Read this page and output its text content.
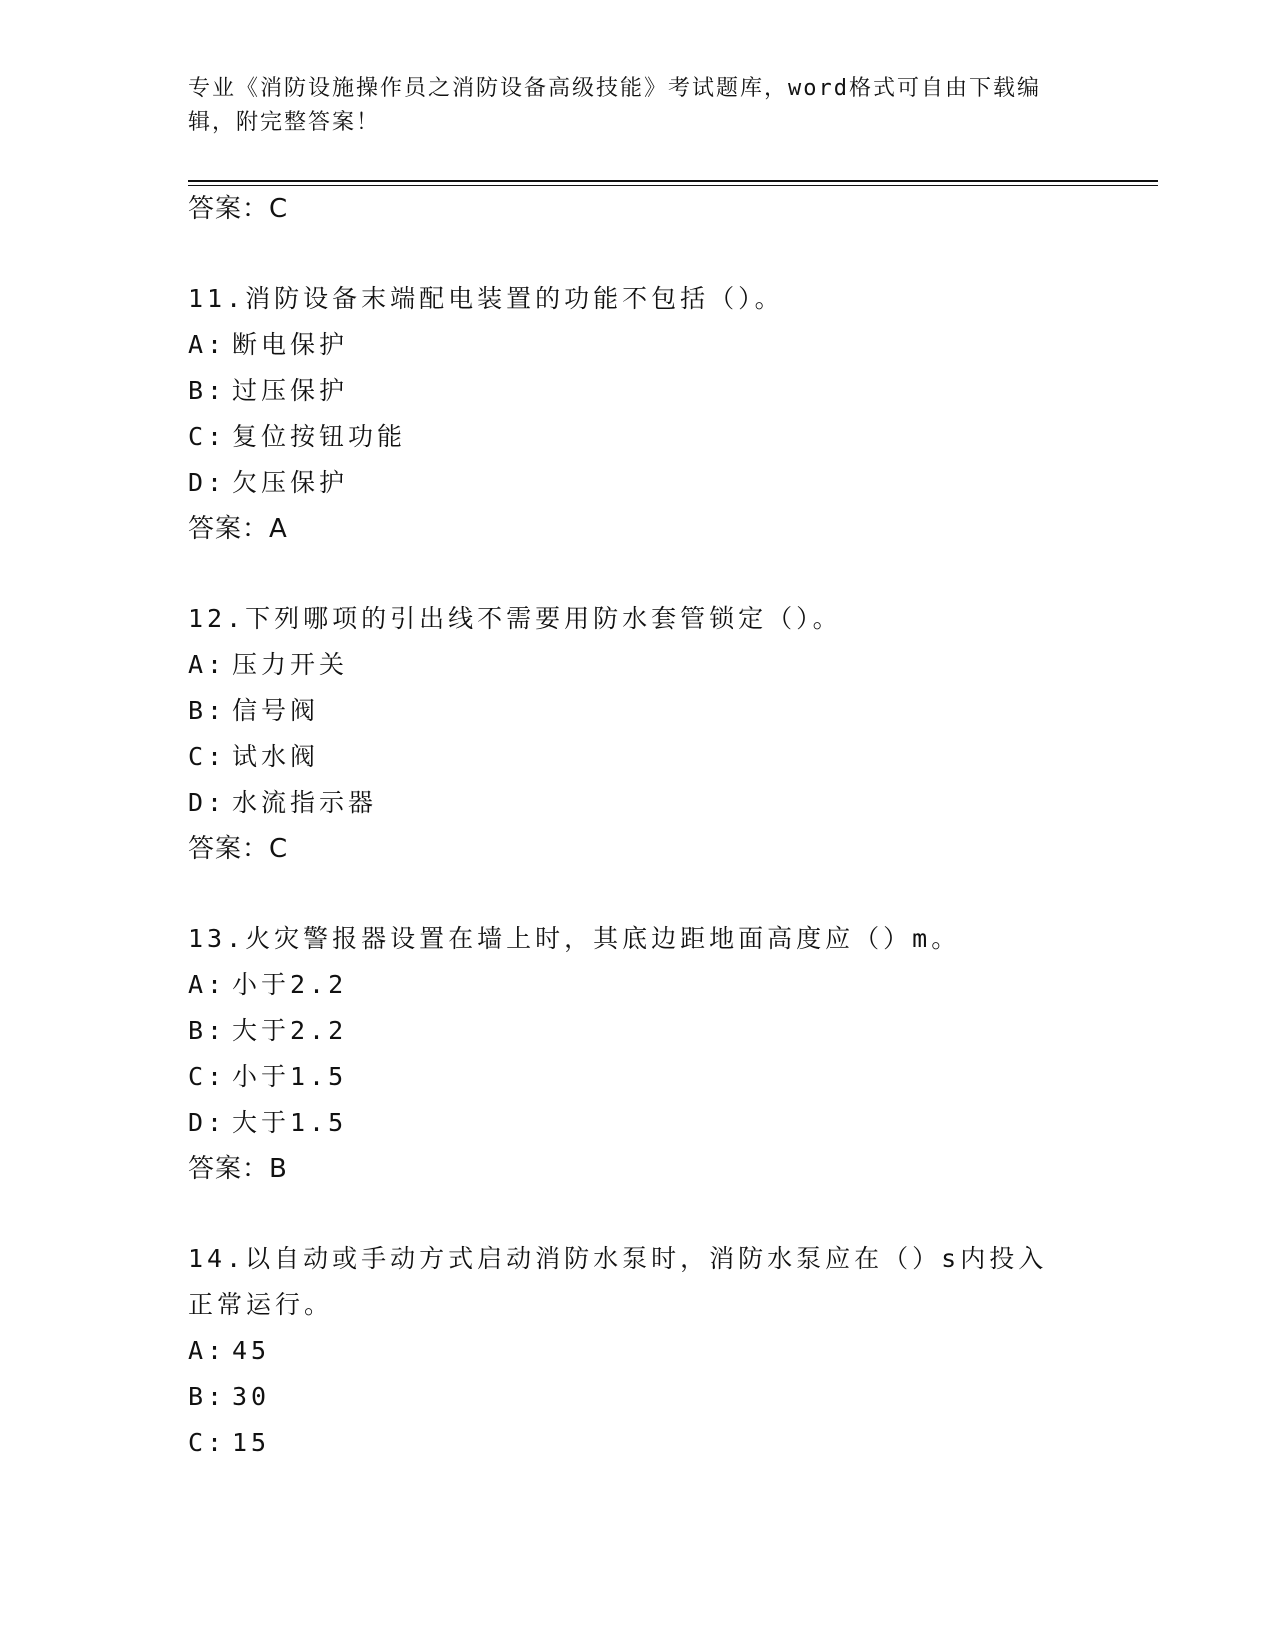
专业《消防设施操作员之消防设备高级技能》考试题库，word格式可自由下载编
辑，附完整答案！
答案：C
11.消防设备末端配电装置的功能不包括（）。
A: 断电保护
B: 过压保护
C: 复位按钮功能
D: 欠压保护
答案：A
12.下列哪项的引出线不需要用防水套管锁定（）。
A: 压力开关
B: 信号阀
C: 试水阀
D: 水流指示器
答案：C
13.火灾警报器设置在墙上时，其底边距地面高度应（）m。
A: 小于2.2
B: 大于2.2
C: 小于1.5
D: 大于1.5
答案：B
14.以自动或手动方式启动消防水泵时，消防水泵应在（）s内投入正常运行。
A: 45
B: 30
C: 15
